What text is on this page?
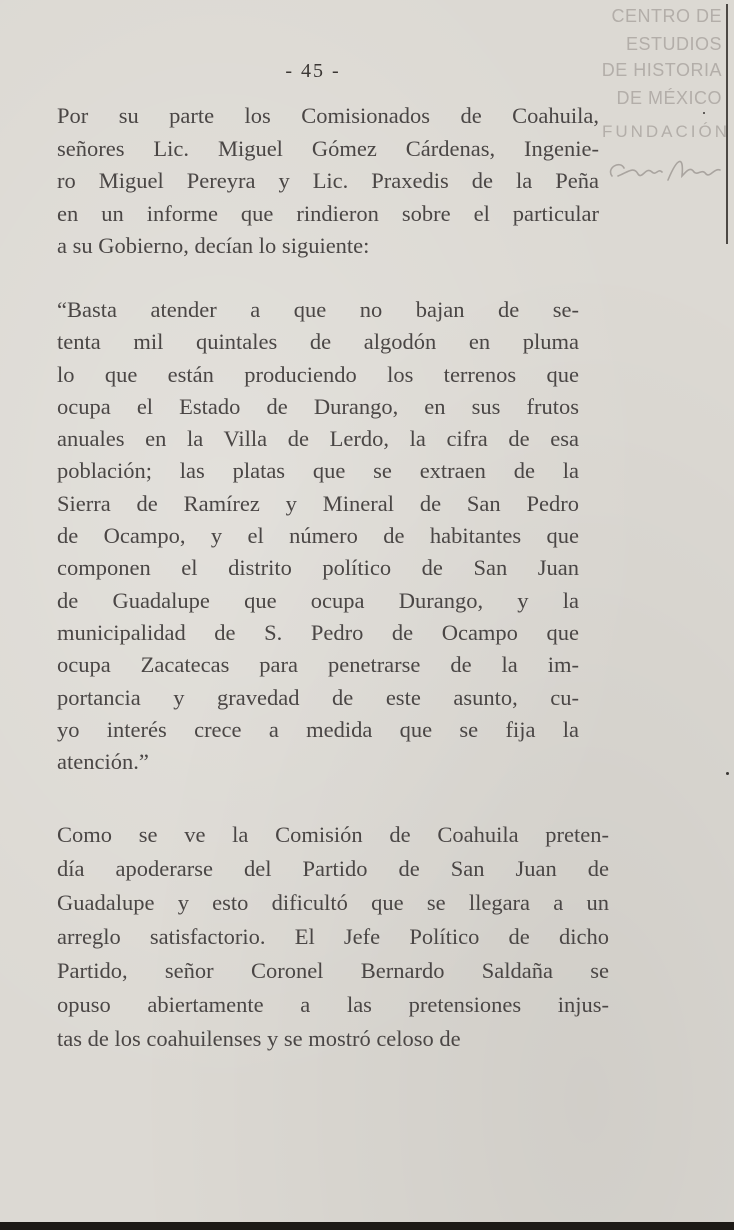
CENTRO DE
ESTUDIOS
DE HISTORIA
DE MÉXICO
FUNDACIÓN
- 45 -

Por su parte los Comisionados de Coahuila,
señores Lic. Miguel Gómez Cárdenas, Ingenie-
ro Miguel Pereyra y Lic. Praxedis de la Peña
en un informe que rindieron sobre el particular
a su Gobierno, decían lo siguiente:

“Basta atender a que no bajan de se-
tenta mil quintales de algodón en pluma
lo que están produciendo los terrenos que
ocupa el Estado de Durango, en sus frutos
anuales en la Villa de Lerdo, la cifra de esa
población; las platas que se extraen de la
Sierra de Ramírez y Mineral de San Pedro
de Ocampo, y el número de habitantes que
componen el distrito político de San Juan
de Guadalupe que ocupa Durango, y la
municipalidad de S. Pedro de Ocampo que
ocupa Zacatecas para penetrarse de la im-
portancia y gravedad de este asunto, cu-
yo interés crece a medida que se fija la
atención.”

Como se ve la Comisión de Coahuila preten-
día apoderarse del Partido de San Juan de
Guadalupe y esto dificultó que se llegara a un
arreglo satisfactorio. El Jefe Político de dicho
Partido, señor Coronel Bernardo Saldaña se
opuso abiertamente a las pretensiones injus-
tas de los coahuilenses y se mostró celoso de
